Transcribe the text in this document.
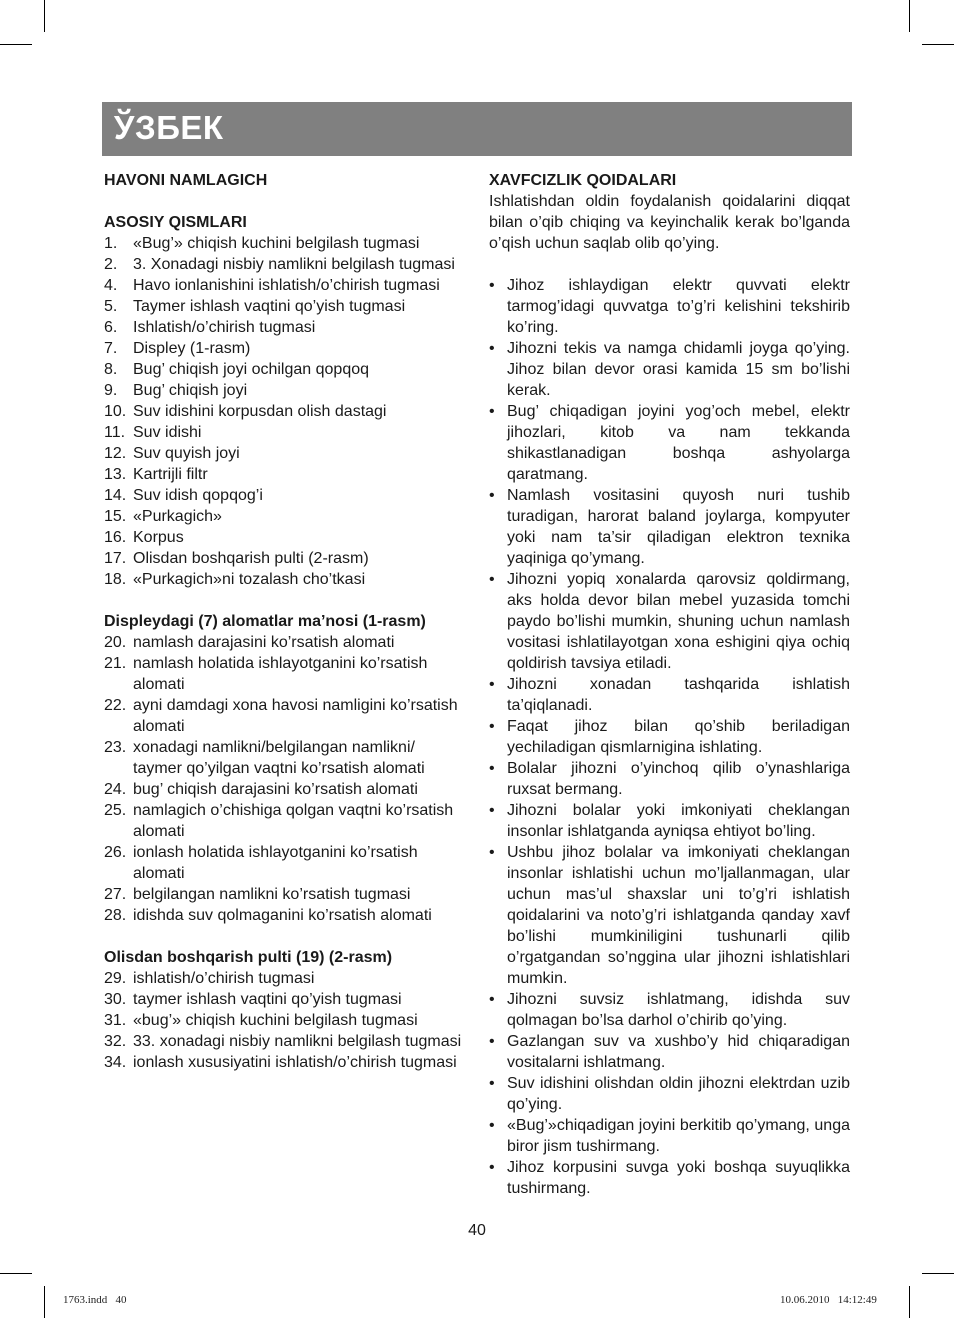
ЎЗБЕК
HAVONI NAMLAGICH
ASOSIY QISMLARI
1. «Bug’» chiqish kuchini belgilash tugmasi
2. 3. Xonadagi nisbiy namlikni belgilash tugmasi
4. Havo ionlanishini ishlatish/o’chirish tugmasi
5. Taymer ishlash vaqtini qo’yish tugmasi
6. Ishlatish/o’chirish tugmasi
7. Displey (1-rasm)
8. Bug’ chiqish joyi ochilgan qopqoq
9. Bug’ chiqish joyi
10. Suv idishini korpusdan olish dastagi
11. Suv idishi
12. Suv quyish joyi
13. Kartrijli filtr
14. Suv idish qopqog’i
15. «Purkagich»
16. Korpus
17. Olisdan boshqarish pulti (2-rasm)
18. «Purkagich»ni tozalash cho’tkasi
Displeydagi (7) alomatlar ma’nosi (1-rasm)
20. namlash darajasini ko’rsatish alomati
21. namlash holatida ishlayotganini ko’rsatish alomati
22. ayni damdagi xona havosi namligini ko’rsatish alomati
23. xonadagi namlikni/belgilangan namlikni/ taymer qo’yilgan vaqtni ko’rsatish alomati
24. bug’ chiqish darajasini ko’rsatish alomati
25. namlagich o’chishiga qolgan vaqtni ko’rsatish alomati
26. ionlash holatida ishlayotganini ko’rsatish alomati
27. belgilangan namlikni ko’rsatish tugmasi
28. idishda suv qolmaganini ko’rsatish alomati
Olisdan boshqarish pulti (19) (2-rasm)
29. ishlatish/o’chirish tugmasi
30. taymer ishlash vaqtini qo’yish tugmasi
31. «bug’» chiqish kuchini belgilash tugmasi
32. 33. xonadagi nisbiy namlikni belgilash tugmasi
34. ionlash xususiyatini ishlatish/o’chirish tugmasi
XAVFCIZLIK QOIDALARI
Ishlatishdan oldin foydalanish qoidalarini diqqat bilan o’qib chiqing va keyinchalik kerak bo’lganda o’qish uchun saqlab olib qo’ying.
• Jihoz ishlaydigan elektr quvvati elektr tarmog’idagi quvvatga to’g’ri kelishini tekshirib ko’ring.
• Jihozni tekis va namga chidamli joyga qo’ying. Jihoz bilan devor orasi kamida 15 sm bo’lishi kerak.
• Bug’ chiqadigan joyini yog’och mebel, elektr jihozlari, kitob va nam tekkanda shikastlanadigan boshqa ashyolarga qaratmang.
• Namlash vositasini quyosh nuri tushib turadigan, harorat baland joylarga, kompyuter yoki nam ta’sir qiladigan elektron texnika yaqiniga qo’ymang.
• Jihozni yopiq xonalarda qarovsiz qoldirmang, aks holda devor bilan mebel yuzasida tomchi paydo bo’lishi mumkin, shuning uchun namlash vositasi ishlatilayotgan xona eshigini qiya ochiq qoldirish tavsiya etiladi.
• Jihozni xonadan tashqarida ishlatish ta’qiqlanadi.
• Faqat jihoz bilan qo’shib beriladigan yechiladigan qismlarnigina ishlating.
• Bolalar jihozni o’yinchoq qilib o’ynashlariga ruxsat bermang.
• Jihozni bolalar yoki imkoniyati cheklangan insonlar ishlatganda ayniqsa ehtiyot bo’ling.
• Ushbu jihoz bolalar va imkoniyati cheklangan insonlar ishlatishi uchun mo’ljallanmagan, ular uchun mas’ul shaxslar uni to’g’ri ishlatish qoidalarini va noto’g’ri ishlatganda qanday xavf bo’lishi mumkiniligini tushunarli qilib o’rgatgandan so’nggina ular jihozni ishlatishlari mumkin.
• Jihozni suvsiz ishlatmang, idishda suv qolmagan bo’lsa darhol o’chirib qo’ying.
• Gazlangan suv va xushbo’y hid chiqaradigan vositalarni ishlatmang.
• Suv idishini olishdan oldin jihozni elektrdan uzib qo’ying.
• «Bug’»chiqadigan joyini berkitib qo’ymang, unga biror jism tushirmang.
• Jihoz korpusini suvga yoki boshqa suyuqlikka tushirmang.
40
1763.indd   40	10.06.2010   14:12:49
